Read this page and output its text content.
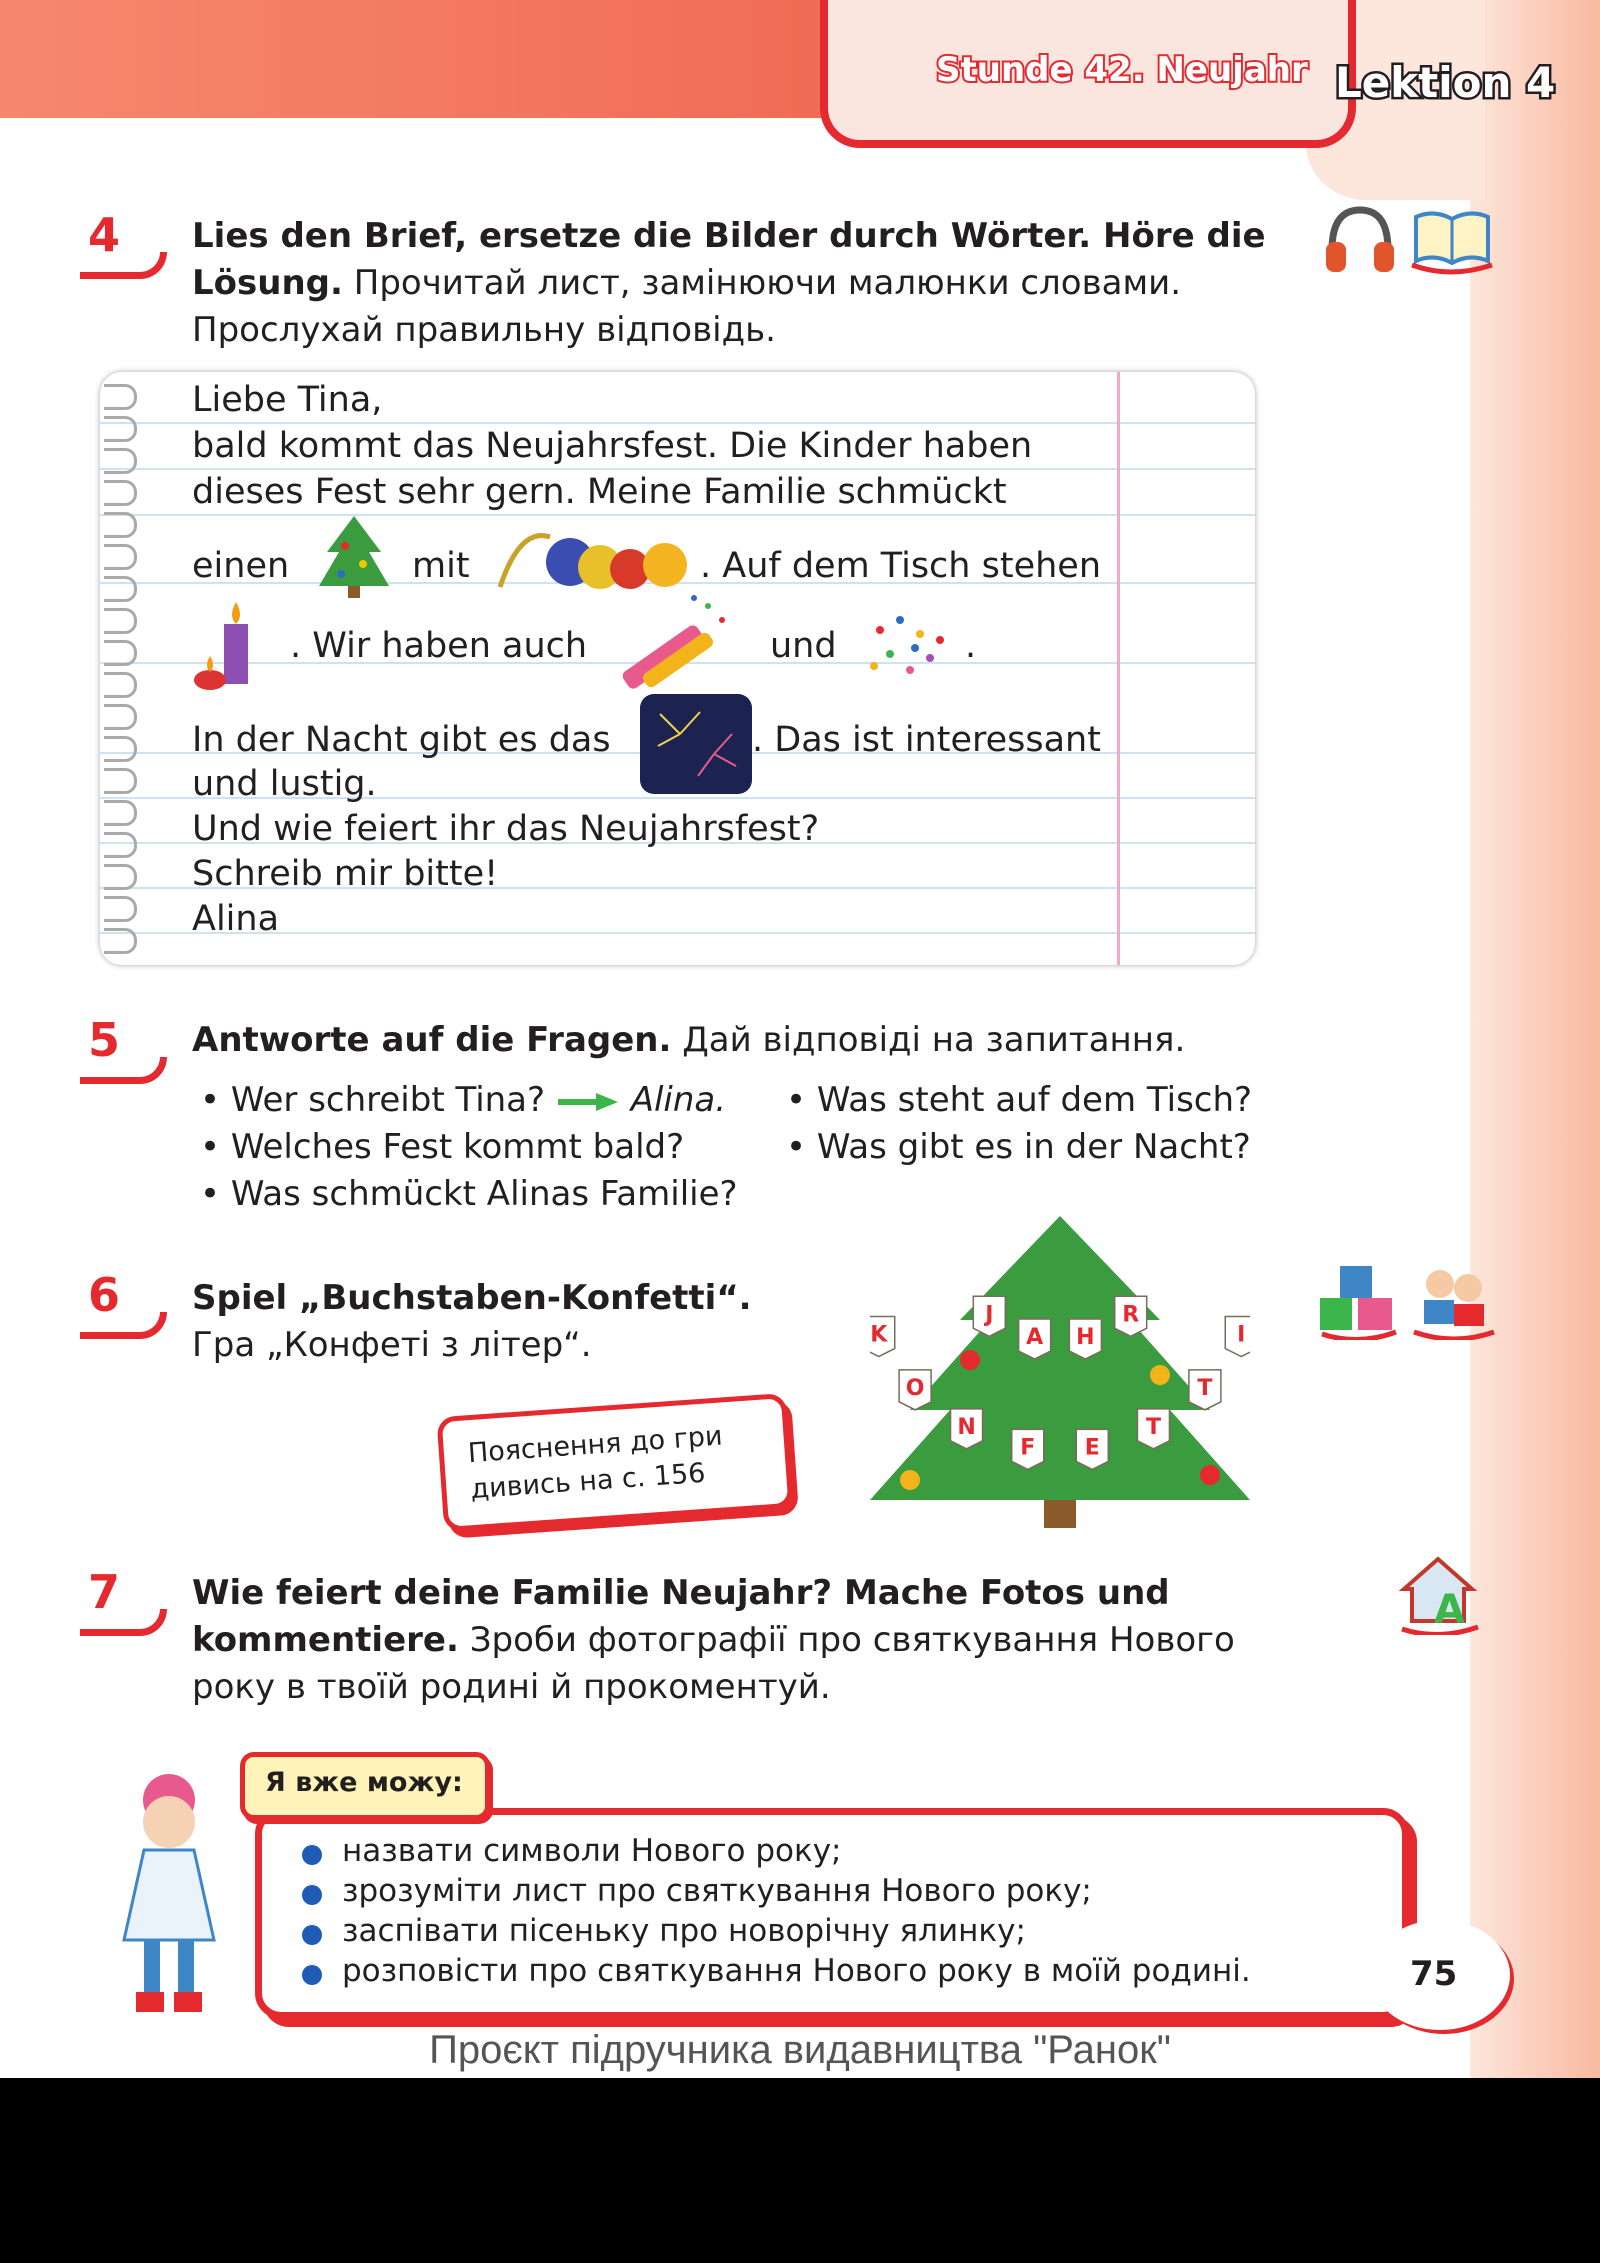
Stunde 42. Neujahr Lektion 4
4 Lies den Brief, ersetze die Bilder durch Wörter. Höre die
Lösung. Прочитай лист, замінюючи малюнки словами.
Прослухай правильну відповідь.
Liebe Tina,
bald kommt das Neujahrsfest. Die Kinder haben
dieses Fest sehr gern. Meine Familie schmückt
einen	mit	. Auf dem Tisch stehen
. Wir haben auch	und	.
In der Nacht gibt es das	. Das ist interessant
und lustig.
Und wie feiert ihr das Neujahrsfest?
Schreib mir bitte!
Alina
5 Antworte auf die Fragen. Дай відповіді на запитання.
• Wer schreibt Tina?	Alina.
• Welches Fest kommt bald?
• Was schmückt Alinas Familie?
• Was steht auf dem Tisch?
• Was gibt es in der Nacht?
6 Spiel „Buchstaben-Konfetti“.
Гра „Конфеті з літер“.
Пояснення до гри
дивись на с. 156
J
A H
R
K
O
N
F E
T
T
I
7 Wie feiert deine Familie Neujahr? Mache Fotos und
kommentiere. Зроби фотографії про святкування Нового
року в твоїй родині й прокоментуй.
A
назвати символи Нового року;
зрозуміти лист про святкування Нового року;
заспівати пісеньку про новорічну ялинку;
розповісти про святкування Нового року в моїй родині.
Я вже можу:
75
Проєкт підручника видавництва "Ранок"
